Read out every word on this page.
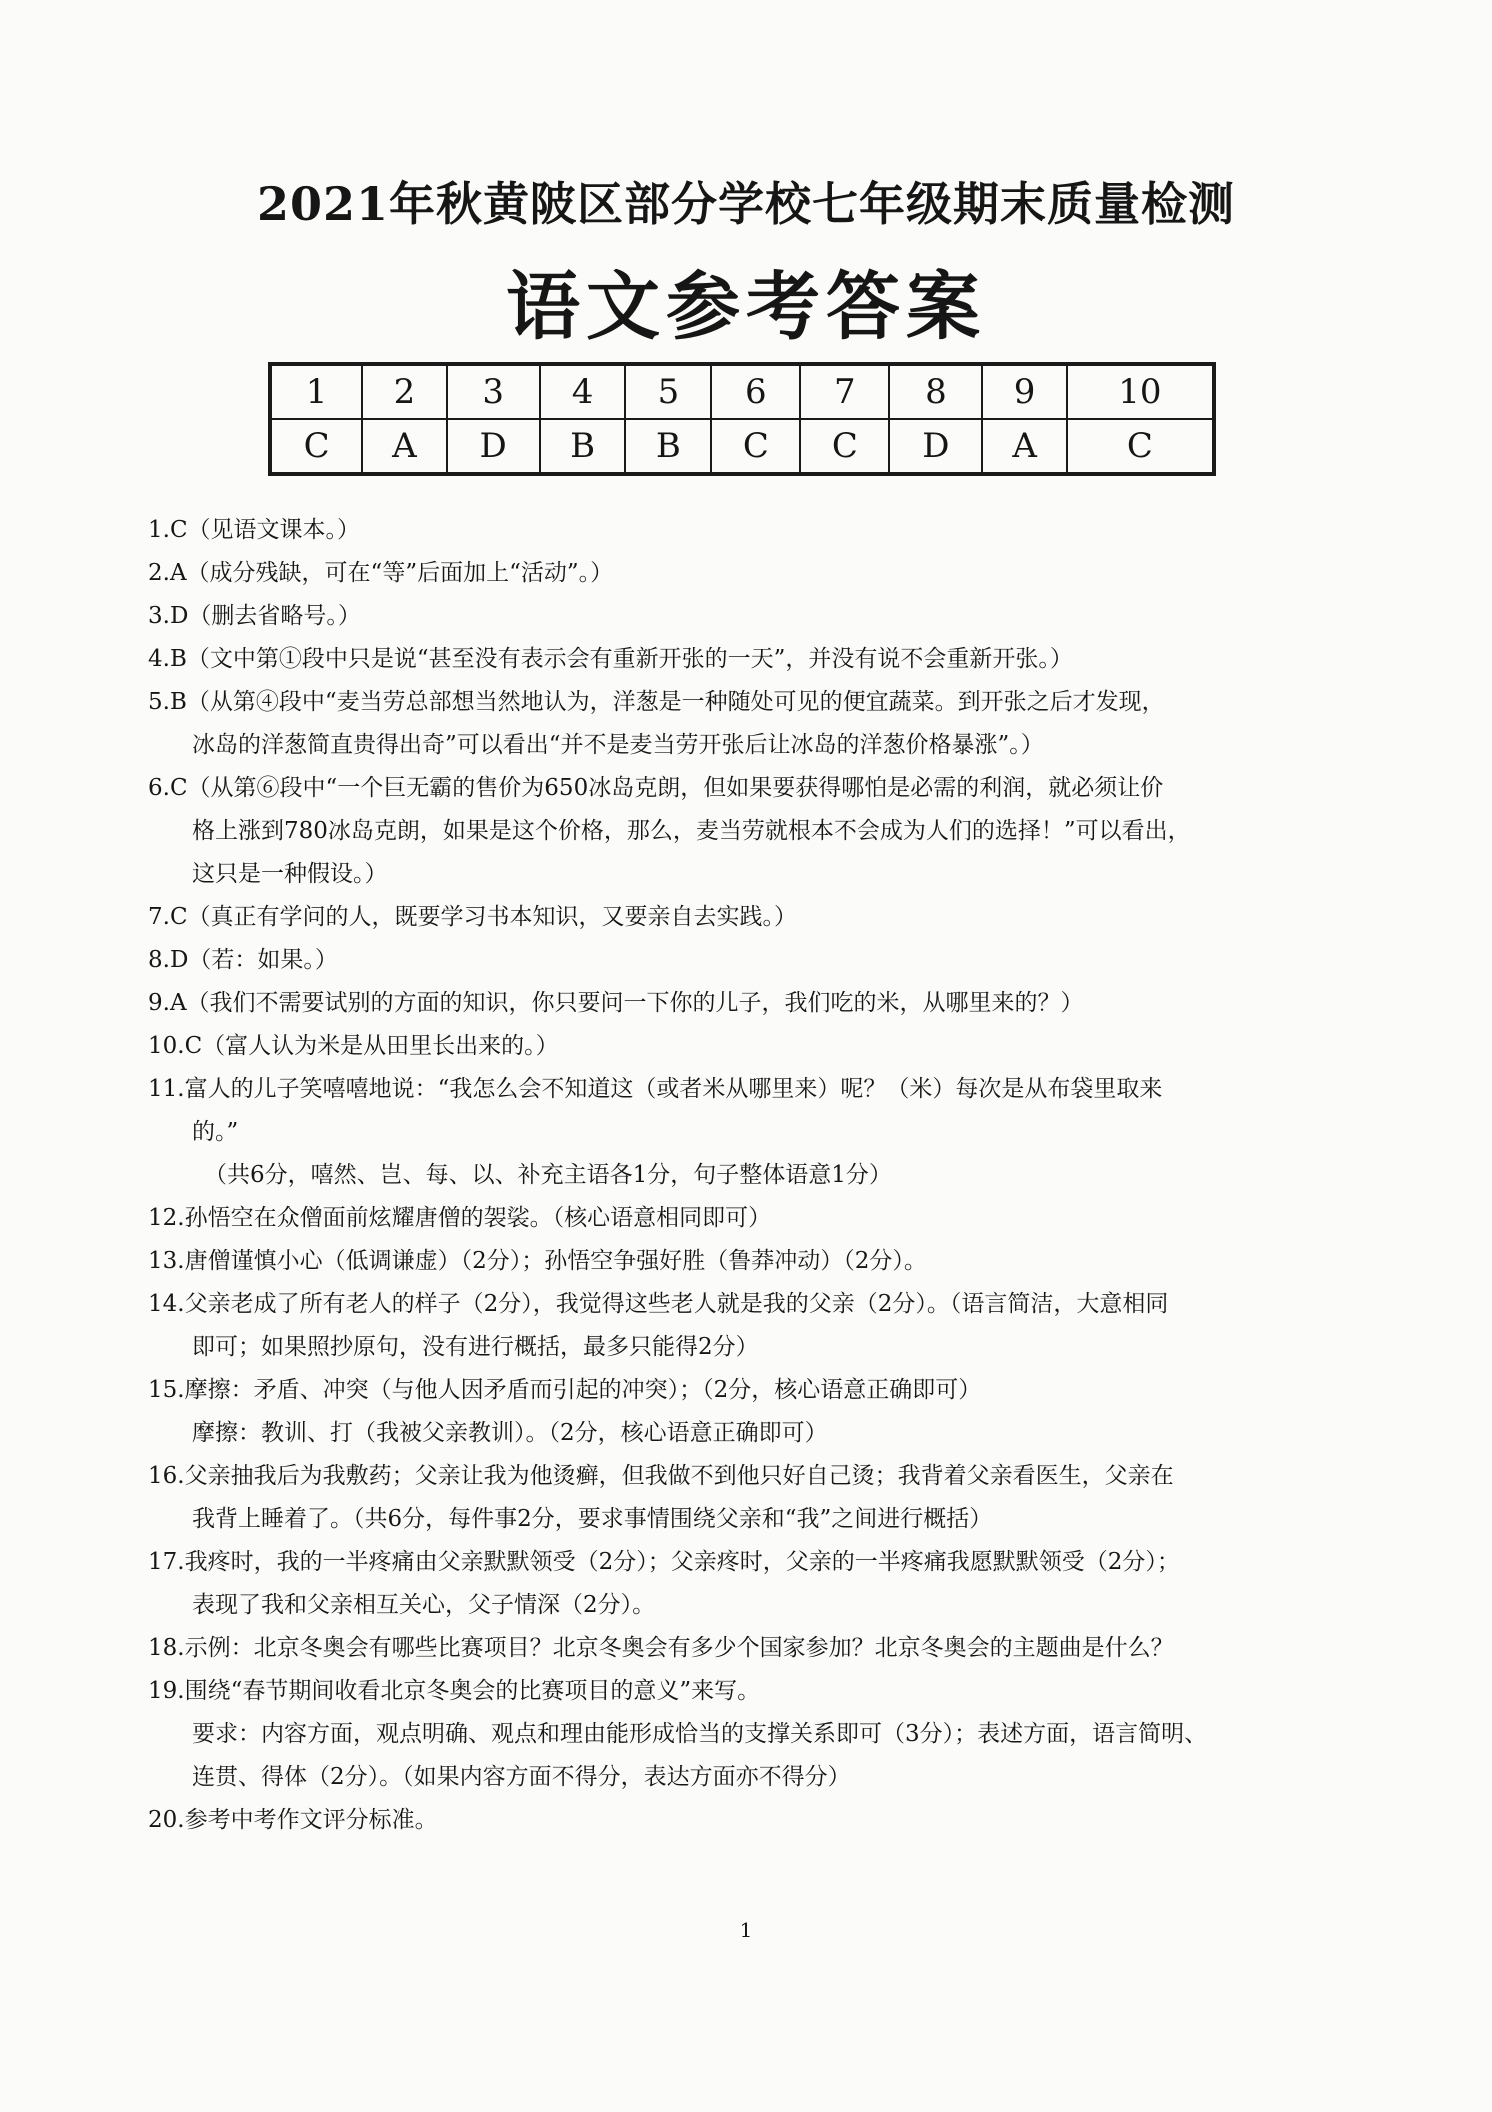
2021年秋黄陂区部分学校七年级期末质量检测
语文参考答案
1	2	3	4	5	6	7	8	9	10
C	A	D	B	B	C	C	D	A	C
1.C（见语文课本。）
2.A（成分残缺，可在“等”后面加上“活动”。）
3.D（删去省略号。）
4.B（文中第①段中只是说“甚至没有表示会有重新开张的一天”，并没有说不会重新开张。）
5.B（从第④段中“麦当劳总部想当然地认为，洋葱是一种随处可见的便宜蔬菜。到开张之后才发现，
冰岛的洋葱简直贵得出奇”可以看出“并不是麦当劳开张后让冰岛的洋葱价格暴涨”。）
6.C（从第⑥段中“一个巨无霸的售价为650冰岛克朗，但如果要获得哪怕是必需的利润，就必须让价
格上涨到780冰岛克朗，如果是这个价格，那么，麦当劳就根本不会成为人们的选择！”可以看出，
这只是一种假设。）
7.C（真正有学问的人，既要学习书本知识，又要亲自去实践。）
8.D（若：如果。）
9.A（我们不需要试别的方面的知识，你只要问一下你的儿子，我们吃的米，从哪里来的？）
10.C（富人认为米是从田里长出来的。）
11.富人的儿子笑嘻嘻地说：“我怎么会不知道这（或者米从哪里来）呢？（米）每次是从布袋里取来
的。”
（共6分，嘻然、岂、每、以、补充主语各1分，句子整体语意1分）
12.孙悟空在众僧面前炫耀唐僧的袈裟。（核心语意相同即可）
13.唐僧谨慎小心（低调谦虚）（2分）；孙悟空争强好胜（鲁莽冲动）（2分）。
14.父亲老成了所有老人的样子（2分），我觉得这些老人就是我的父亲（2分）。（语言简洁，大意相同
即可；如果照抄原句，没有进行概括，最多只能得2分）
15.摩擦：矛盾、冲突（与他人因矛盾而引起的冲突）；（2分，核心语意正确即可）
摩擦：教训、打（我被父亲教训）。（2分，核心语意正确即可）
16.父亲抽我后为我敷药；父亲让我为他烫癣，但我做不到他只好自己烫；我背着父亲看医生，父亲在
我背上睡着了。（共6分，每件事2分，要求事情围绕父亲和“我”之间进行概括）
17.我疼时，我的一半疼痛由父亲默默领受（2分）；父亲疼时，父亲的一半疼痛我愿默默领受（2分）；
表现了我和父亲相互关心，父子情深（2分）。
18.示例：北京冬奥会有哪些比赛项目？北京冬奥会有多少个国家参加？北京冬奥会的主题曲是什么？
19.围绕“春节期间收看北京冬奥会的比赛项目的意义”来写。
要求：内容方面，观点明确、观点和理由能形成恰当的支撑关系即可（3分）；表述方面，语言简明、
连贯、得体（2分）。（如果内容方面不得分，表达方面亦不得分）
20.参考中考作文评分标准。
1
